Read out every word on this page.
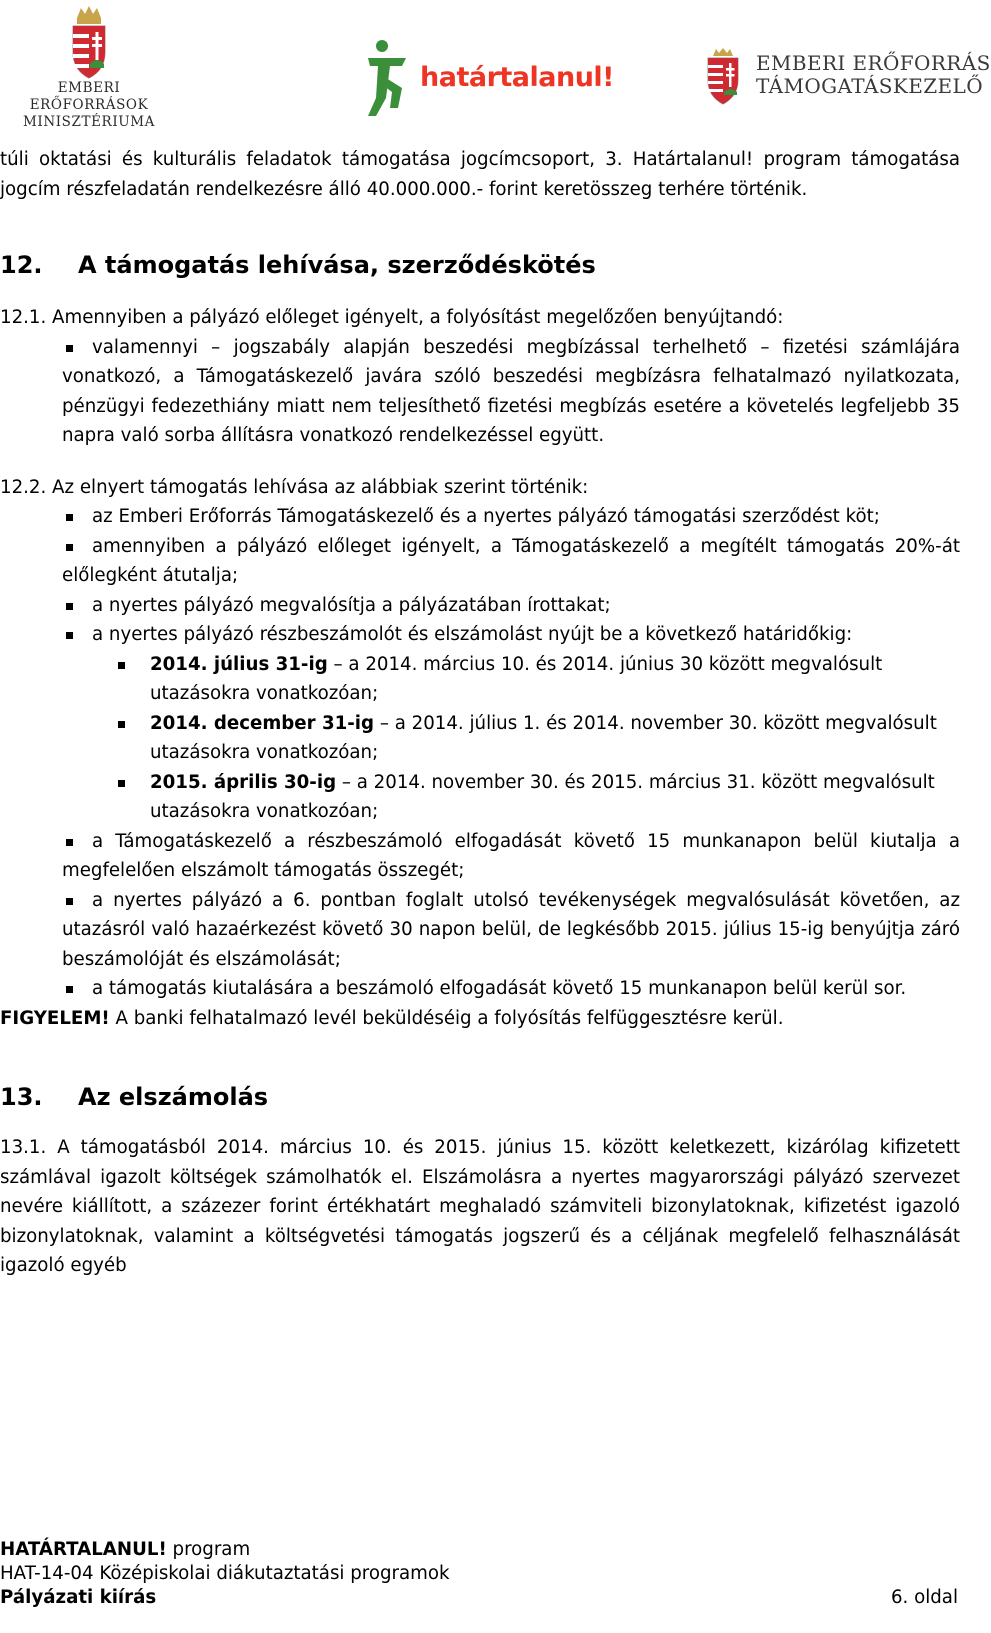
EMBERI ERŐFORRÁSOK
MINISZTÉRIUMA
határtalanul!	EMBERI ERŐFORRÁS
TÁMOGATÁSKEZELŐ

túli oktatási és kulturális feladatok támogatása jogcímcsoport, 3. Határtalanul! program támogatása jogcím részfeladatán rendelkezésre álló 40.000.000.- forint keretösszeg terhére történik.

12. A támogatás lehívása, szerződéskötés

12.1. Amennyiben a pályázó előleget igényelt, a folyósítást megelőzően benyújtandó:

valamennyi – jogszabály alapján beszedési megbízással terhelhető – fizetési számlájára vonatkozó, a Támogatáskezelő javára szóló beszedési megbízásra felhatalmazó nyilatkozata, pénzügyi fedezethiány miatt nem teljesíthető fizetési megbízás esetére a követelés legfeljebb 35 napra való sorba állításra vonatkozó rendelkezéssel együtt.

12.2. Az elnyert támogatás lehívása az alábbiak szerint történik:

az Emberi Erőforrás Támogatáskezelő és a nyertes pályázó támogatási szerződést köt;
amennyiben a pályázó előleget igényelt, a Támogatáskezelő a megítélt támogatás 20%-át előlegként átutalja;
a nyertes pályázó megvalósítja a pályázatában írottakat;
a nyertes pályázó részbeszámolót és elszámolást nyújt be a következő határidőkig:
2014. július 31-ig – a 2014. március 10. és 2014. június 30 között megvalósult utazásokra vonatkozóan;
2014. december 31-ig – a 2014. július 1. és 2014. november 30. között megvalósult utazásokra vonatkozóan;
2015. április 30-ig – a 2014. november 30. és 2015. március 31. között megvalósult utazásokra vonatkozóan;
a Támogatáskezelő a részbeszámoló elfogadását követő 15 munkanapon belül kiutalja a megfelelően elszámolt támogatás összegét;
a nyertes pályázó a 6. pontban foglalt utolsó tevékenységek megvalósulását követően, az utazásról való hazaérkezést követő 30 napon belül, de legkésőbb 2015. július 15-ig benyújtja záró beszámolóját és elszámolását;
a támogatás kiutalására a beszámoló elfogadását követő 15 munkanapon belül kerül sor.

FIGYELEM! A banki felhatalmazó levél beküldéséig a folyósítás felfüggesztésre kerül.

13. Az elszámolás

13.1. A támogatásból 2014. március 10. és 2015. június 15. között keletkezett, kizárólag kifizetett számlával igazolt költségek számolhatók el. Elszámolásra a nyertes magyarországi pályázó szervezet nevére kiállított, a százezer forint értékhatárt meghaladó számviteli bizonylatoknak, kifizetést igazoló bizonylatoknak, valamint a költségvetési támogatás jogszerű és a céljának megfelelő felhasználását igazoló egyéb

HATÁRTALANUL! program
HAT-14-04 Középiskolai diákutaztatási programok
Pályázati kiírás	6. oldal
